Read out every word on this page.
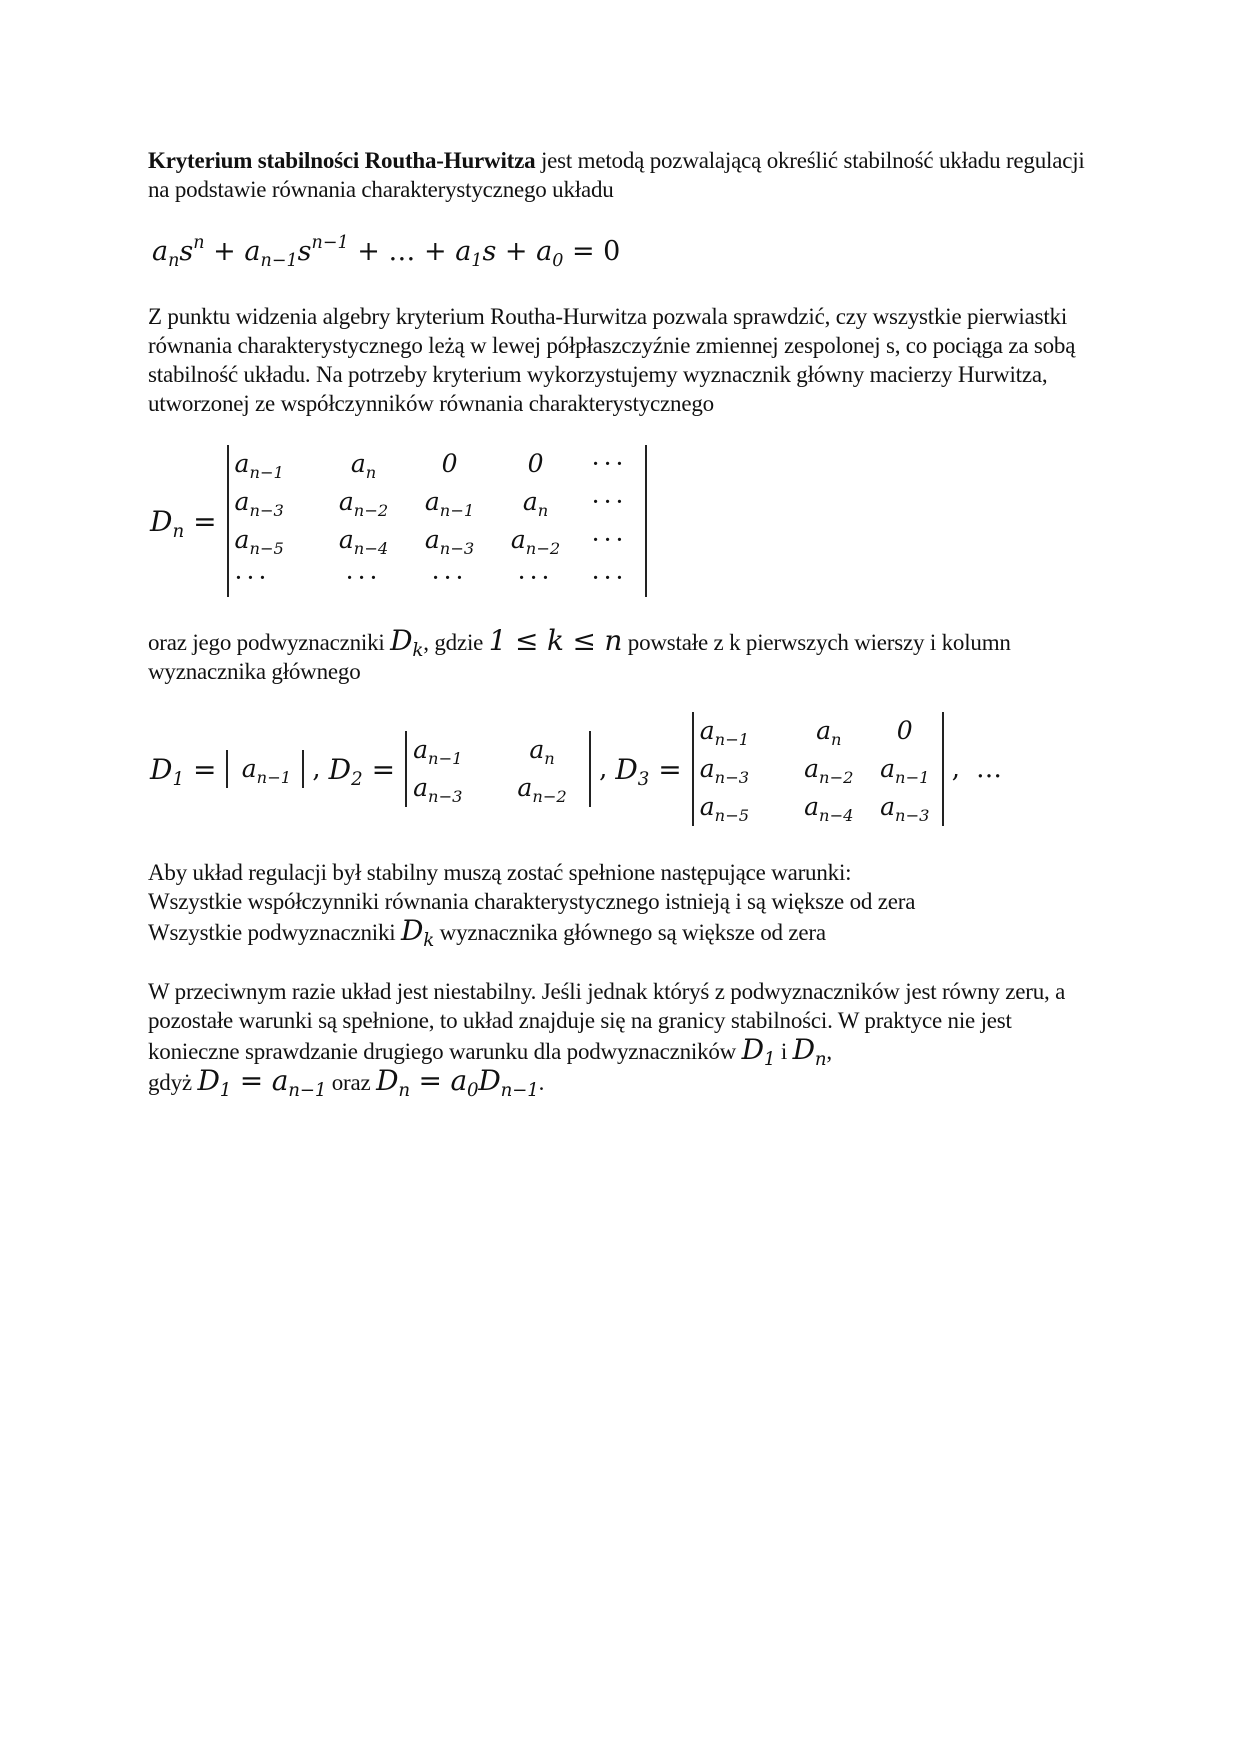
Kryterium stabilności Routha-Hurwitza jest metodą pozwalającą określić stabilność układu regulacji na podstawie równania charakterystycznego układu

$a_ns^n + a_{n-1}s^{n-1}$ + … + $a_1s + a_0 = 0$

Z punktu widzenia algebry kryterium Routha-Hurwitza pozwala sprawdzić, czy wszystkie pierwiastki równania charakterystycznego leżą w lewej półpłaszczyźnie zmiennej zespolonej s, co pociąga za sobą stabilność układu. Na potrzeby kryterium wykorzystujemy wyznacznik główny macierzy Hurwitza, utworzonej ze współczynników równania charakterystycznego

$D_n$ =
$a_{n-1}$	$a_n$	0	0	···
$a_{n-3}$	$a_{n-2}$	$a_{n-1}$	$a_n$	···
$a_{n-5}$	$a_{n-4}$	$a_{n-3}$	$a_{n-2}$	···
···	···	···	···	···

oraz jego podwyznaczniki $D_k$, gdzie 1 ≤ k ≤ n powstałe z k pierwszych wierszy i kolumn wyznacznika głównego

$D_1 = a_{n-1}$ , $D_2$ =
$a_{n-1}$	$a_n$
$a_{n-3}$	$a_{n-2}$
, $D_3$ =
$a_{n-1}$	$a_n$	0
$a_{n-3}$	$a_{n-2}$	$a_{n-1}$
$a_{n-5}$	$a_{n-4}$	$a_{n-3}$
, …

Aby układ regulacji był stabilny muszą zostać spełnione następujące warunki:

Wszystkie współczynniki równania charakterystycznego istnieją i są większe od zera

Wszystkie podwyznaczniki $D_k$ wyznacznika głównego są większe od zera

W przeciwnym razie układ jest niestabilny. Jeśli jednak któryś z podwyznaczników jest równy zeru, a pozostałe warunki są spełnione, to układ znajduje się na granicy stabilności. W praktyce nie jest konieczne sprawdzanie drugiego warunku dla podwyznaczników $D_1$ i $D_n$,
gdyż $D_1 = a_{n-1}$ oraz $D_n = a_0D_{n-1}$.
